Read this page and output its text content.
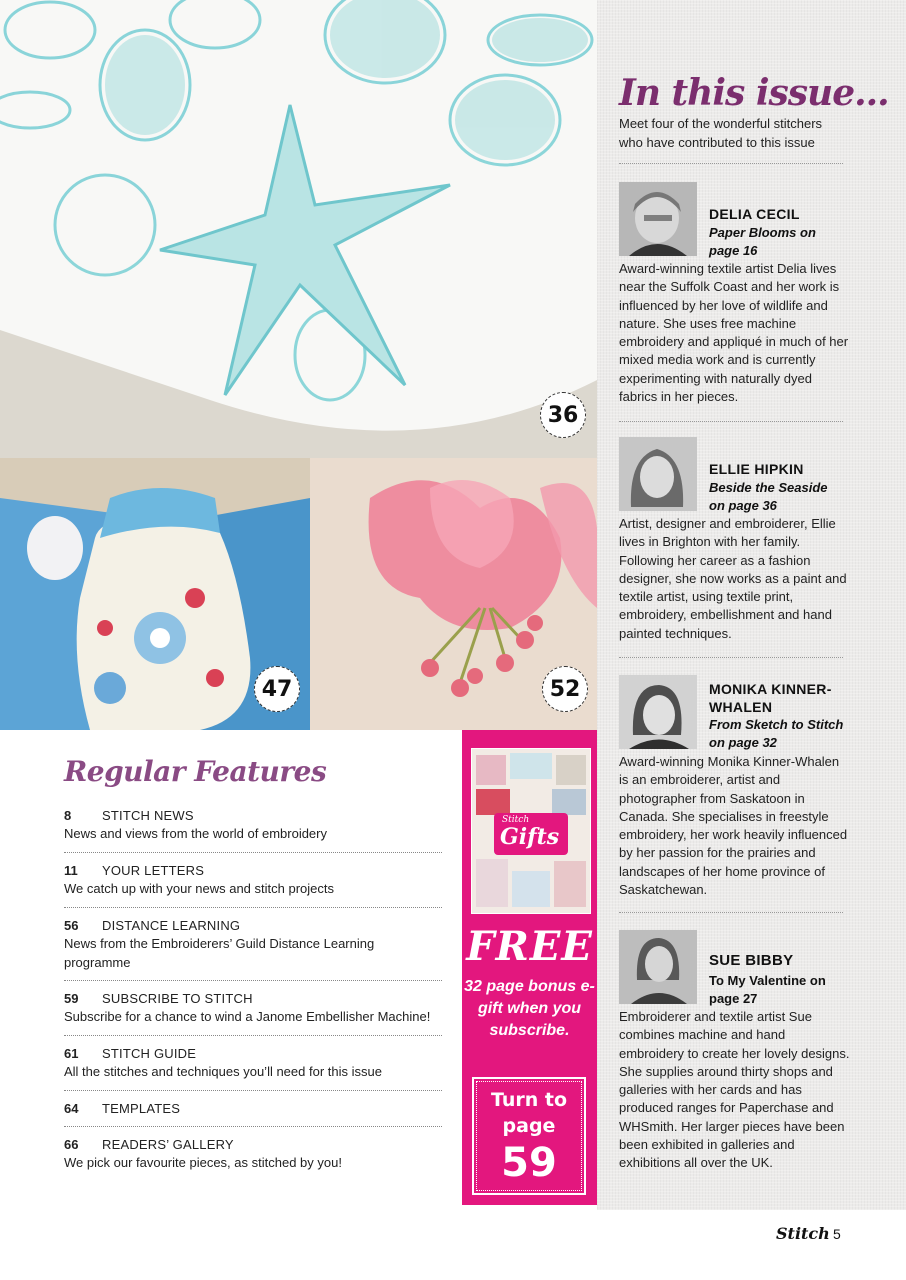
36
47	52
In this issue...
Meet four of the wonderful stitchers who have contributed to this issue
DELIA CECIL
Paper Blooms on page 16
Award-winning textile artist Delia lives near the Suffolk Coast and her work is influenced by her love of wildlife and nature. She uses free machine embroidery and appliqué in much of her mixed media work and is currently experimenting with naturally dyed fabrics in her pieces.
ELLIE HIPKIN
Beside the Seaside on page 36
Artist, designer and embroiderer, Ellie lives in Brighton with her family. Following her career as a fashion designer, she now works as a paint and textile artist, using textile print, embroidery, embellishment and hand painted techniques.
MONIKA KINNER-WHALEN
From Sketch to Stitch on page 32
Award-winning Monika Kinner-Whalen is an embroiderer, artist and photographer from Saskatoon in Canada. She specialises in freestyle embroidery, her work heavily influenced by her passion for the prairies and landscapes of her home province of Saskatchewan.
SUE BIBBY
To My Valentine on page 27
Embroiderer and textile artist Sue combines machine and hand embroidery to create her lovely designs. She supplies around thirty shops and galleries with her cards and has produced ranges for Paperchase and WHSmith. Her larger pieces have been been exhibited in galleries and exhibitions all over the UK.
Regular Features
8 STITCH NEWS
News and views from the world of embroidery
11 YOUR LETTERS
We catch up with your news and stitch projects
56 DISTANCE LEARNING
News from the Embroiderers’ Guild Distance Learning programme
59 SUBSCRIBE TO STITCH
Subscribe for a chance to wind a Janome Embellisher Machine!
61 STITCH GUIDE
All the stitches and techniques you’ll need for this issue
64 TEMPLATES
66 READERS’ GALLERY
We pick our favourite pieces, as stitched by you!
Stitch
Gifts
FREE
32 page bonus e-gift when you subscribe.
Turn to page
59
Stitch 5
